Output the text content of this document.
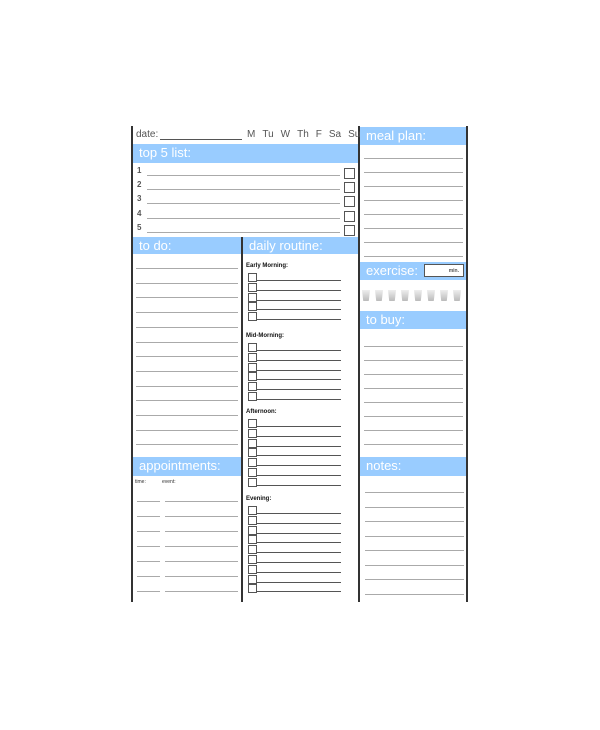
date:	M Tu W Th F Sa Su
top 5 list:
1
2
3
4
5
to do:	daily routine:
Early Morning:
Mid-Morning:
Afternoon:
Evening:
appointments:
time:	event:
meal plan:
exercise:	min.
to buy:
notes:
